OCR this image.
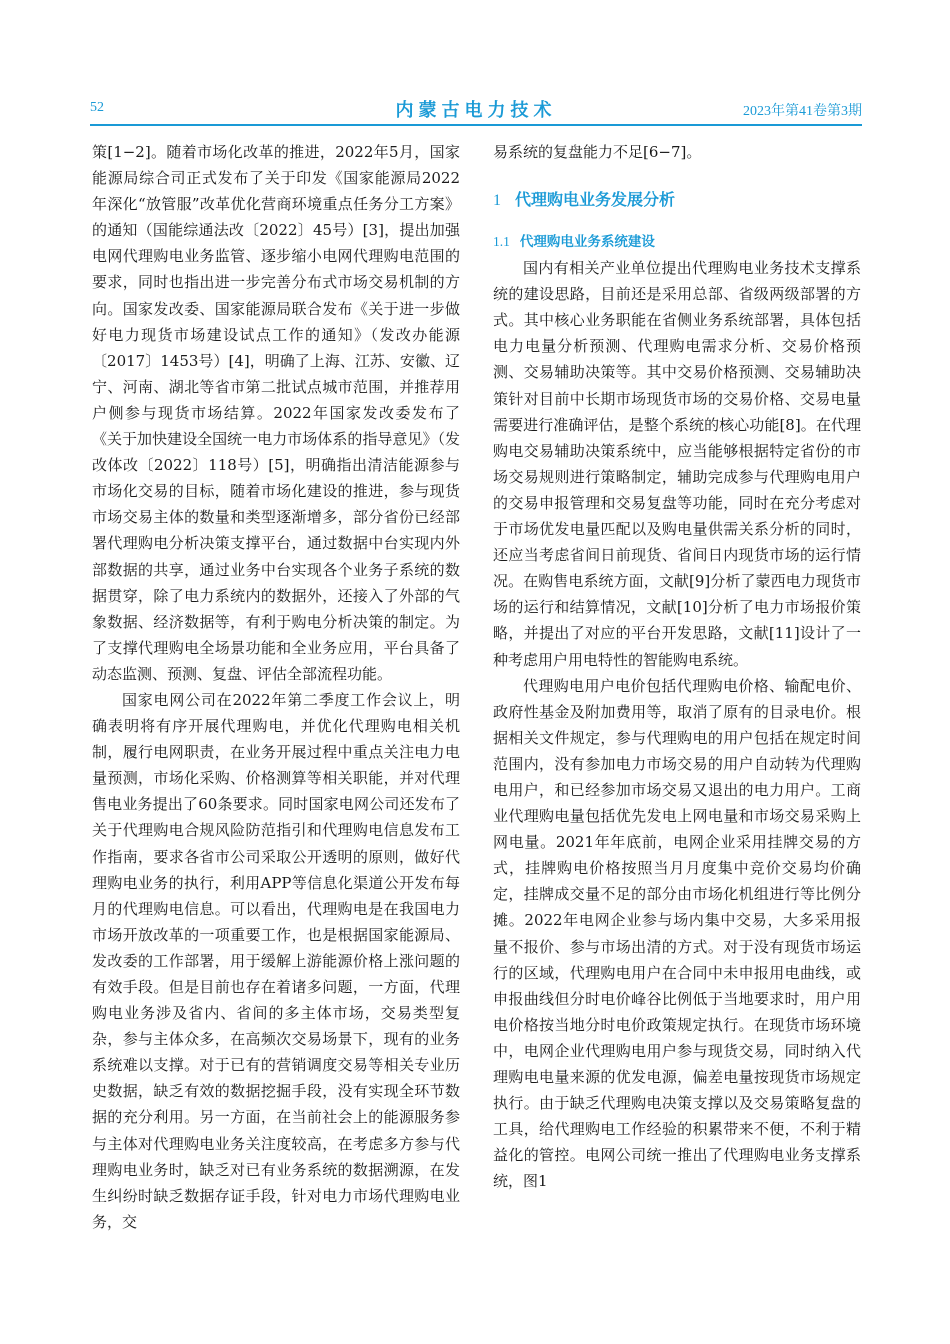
52	内蒙古电力技术	2023年第41卷第3期

策[1−2]。随着市场化改革的推进，2022年5月，国家能源局综合司正式发布了关于印发《国家能源局2022年深化“放管服”改革优化营商环境重点任务分工方案》的通知（国能综通法改〔2022〕45号）[3]，提出加强电网代理购电业务监管、逐步缩小电网代理购电范围的要求，同时也指出进一步完善分布式市场交易机制的方向。国家发改委、国家能源局联合发布《关于进一步做好电力现货市场建设试点工作的通知》（发改办能源〔2017〕1453号）[4]，明确了上海、江苏、安徽、辽宁、河南、湖北等省市第二批试点城市范围，并推荐用户侧参与现货市场结算。2022年国家发改委发布了《关于加快建设全国统一电力市场体系的指导意见》（发改体改〔2022〕118号）[5]，明确指出清洁能源参与市场化交易的目标，随着市场化建设的推进，参与现货市场交易主体的数量和类型逐渐增多，部分省份已经部署代理购电分析决策支撑平台，通过数据中台实现内外部数据的共享，通过业务中台实现各个业务子系统的数据贯穿，除了电力系统内的数据外，还接入了外部的气象数据、经济数据等，有利于购电分析决策的制定。为了支撑代理购电全场景功能和全业务应用，平台具备了动态监测、预测、复盘、评估全部流程功能。

国家电网公司在2022年第二季度工作会议上，明确表明将有序开展代理购电，并优化代理购电相关机制，履行电网职责，在业务开展过程中重点关注电力电量预测，市场化采购、价格测算等相关职能，并对代理售电业务提出了60条要求。同时国家电网公司还发布了关于代理购电合规风险防范指引和代理购电信息发布工作指南，要求各省市公司采取公开透明的原则，做好代理购电业务的执行，利用APP等信息化渠道公开发布每月的代理购电信息。可以看出，代理购电是在我国电力市场开放改革的一项重要工作，也是根据国家能源局、发改委的工作部署，用于缓解上游能源价格上涨问题的有效手段。但是目前也存在着诸多问题，一方面，代理购电业务涉及省内、省间的多主体市场，交易类型复杂，参与主体众多，在高频次交易场景下，现有的业务系统难以支撑。对于已有的营销调度交易等相关专业历史数据，缺乏有效的数据挖掘手段，没有实现全环节数据的充分利用。另一方面，在当前社会上的能源服务参与主体对代理购电业务关注度较高，在考虑多方参与代理购电业务时，缺乏对已有业务系统的数据溯源，在发生纠纷时缺乏数据存证手段，针对电力市场代理购电业务，交

易系统的复盘能力不足[6−7]。

1 代理购电业务发展分析
1.1 代理购电业务系统建设

国内有相关产业单位提出代理购电业务技术支撑系统的建设思路，目前还是采用总部、省级两级部署的方式。其中核心业务职能在省侧业务系统部署，具体包括电力电量分析预测、代理购电需求分析、交易价格预测、交易辅助决策等。其中交易价格预测、交易辅助决策针对目前中长期市场现货市场的交易价格、交易电量需要进行准确评估，是整个系统的核心功能[8]。在代理购电交易辅助决策系统中，应当能够根据特定省份的市场交易规则进行策略制定，辅助完成参与代理购电用户的交易申报管理和交易复盘等功能，同时在充分考虑对于市场优发电量匹配以及购电量供需关系分析的同时，还应当考虑省间日前现货、省间日内现货市场的运行情况。在购售电系统方面，文献[9]分析了蒙西电力现货市场的运行和结算情况，文献[10]分析了电力市场报价策略，并提出了对应的平台开发思路，文献[11]设计了一种考虑用户用电特性的智能购电系统。

代理购电用户电价包括代理购电价格、输配电价、政府性基金及附加费用等，取消了原有的目录电价。根据相关文件规定，参与代理购电的用户包括在规定时间范围内，没有参加电力市场交易的用户自动转为代理购电用户，和已经参加市场交易又退出的电力用户。工商业代理购电量包括优先发电上网电量和市场交易采购上网电量。2021年年底前，电网企业采用挂牌交易的方式，挂牌购电价格按照当月月度集中竞价交易均价确定，挂牌成交量不足的部分由市场化机组进行等比例分摊。2022年电网企业参与场内集中交易，大多采用报量不报价、参与市场出清的方式。对于没有现货市场运行的区域，代理购电用户在合同中未申报用电曲线，或申报曲线但分时电价峰谷比例低于当地要求时，用户用电价格按当地分时电价政策规定执行。在现货市场环境中，电网企业代理购电用户参与现货交易，同时纳入代理购电电量来源的优发电源，偏差电量按现货市场规定执行。由于缺乏代理购电决策支撑以及交易策略复盘的工具，给代理购电工作经验的积累带来不便，不利于精益化的管控。电网公司统一推出了代理购电业务支撑系统，图1
